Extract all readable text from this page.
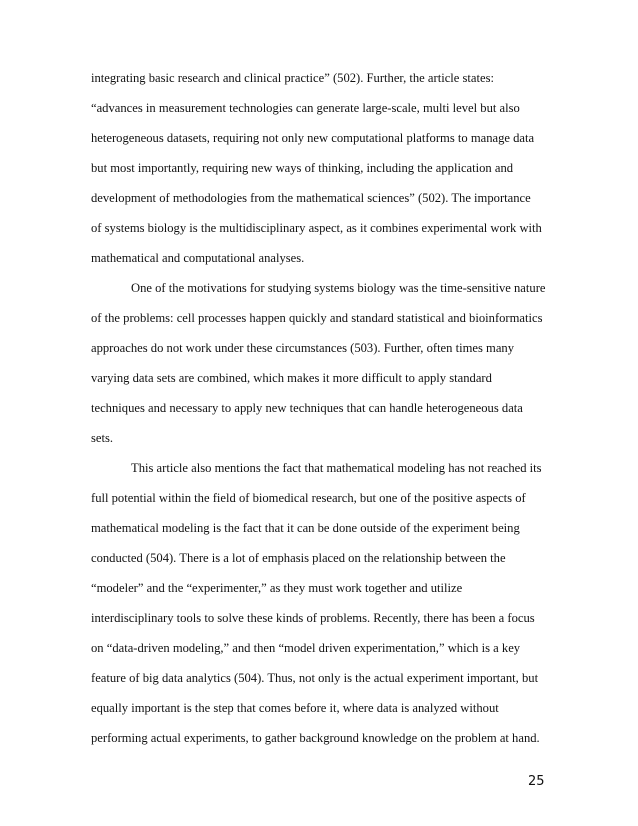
integrating basic research and clinical practice” (502). Further, the article states:
“advances in measurement technologies can generate large-scale, multi level but also
heterogeneous datasets, requiring not only new computational platforms to manage data
but most importantly, requiring new ways of thinking, including the application and
development of methodologies from the mathematical sciences” (502). The importance
of systems biology is the multidisciplinary aspect, as it combines experimental work with
mathematical and computational analyses.
One of the motivations for studying systems biology was the time-sensitive nature
of the problems: cell processes happen quickly and standard statistical and bioinformatics
approaches do not work under these circumstances (503). Further, often times many
varying data sets are combined, which makes it more difficult to apply standard
techniques and necessary to apply new techniques that can handle heterogeneous data
sets.
This article also mentions the fact that mathematical modeling has not reached its
full potential within the field of biomedical research, but one of the positive aspects of
mathematical modeling is the fact that it can be done outside of the experiment being
conducted (504). There is a lot of emphasis placed on the relationship between the
“modeler” and the “experimenter,” as they must work together and utilize
interdisciplinary tools to solve these kinds of problems. Recently, there has been a focus
on “data-driven modeling,” and then “model driven experimentation,” which is a key
feature of big data analytics (504). Thus, not only is the actual experiment important, but
equally important is the step that comes before it, where data is analyzed without
performing actual experiments, to gather background knowledge on the problem at hand.
25
